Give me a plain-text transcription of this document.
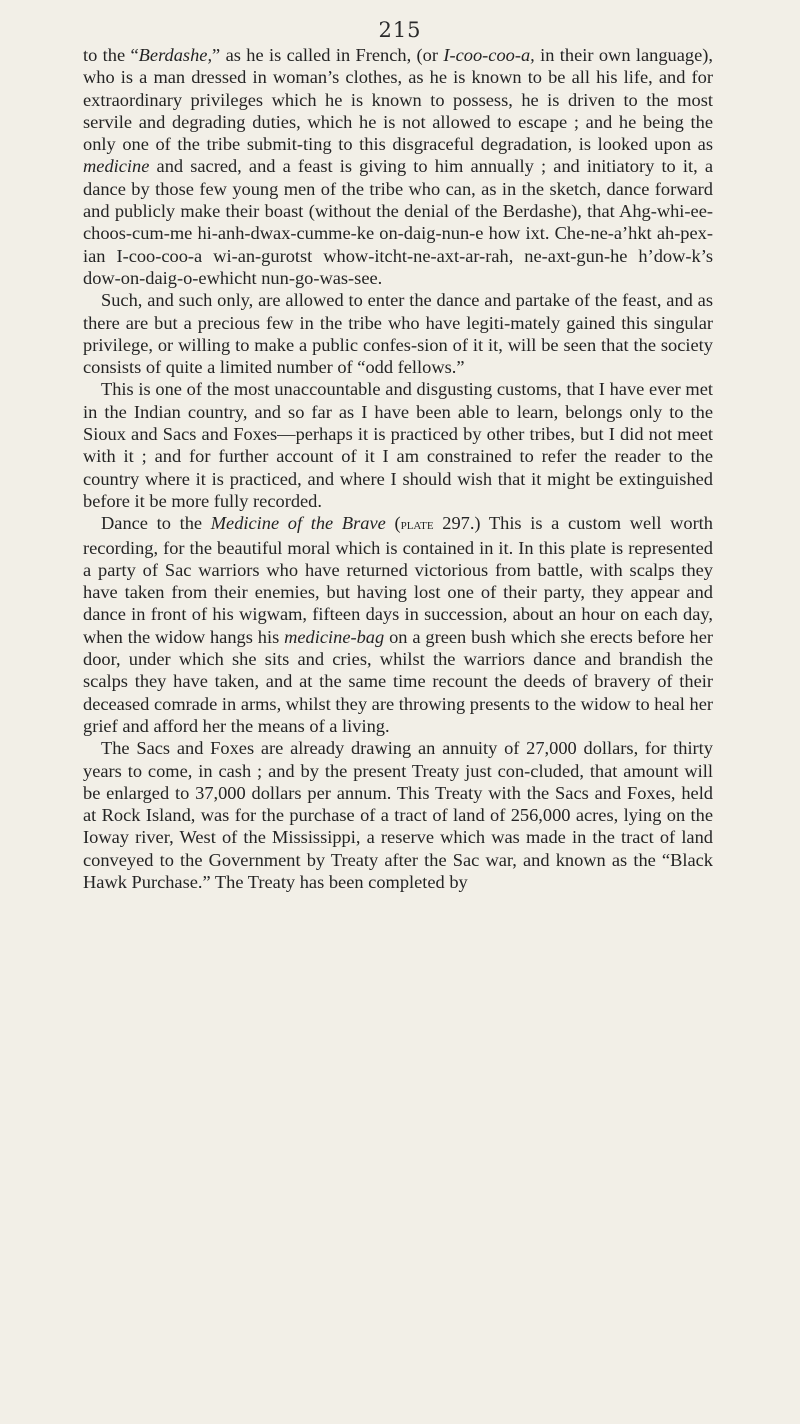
215

to the “Berdashe,” as he is called in French, (or I-coo-coo-a, in their own language), who is a man dressed in woman’s clothes, as he is known to be all his life, and for extraordinary privileges which he is known to possess, he is driven to the most servile and degrading duties, which he is not allowed to escape ; and he being the only one of the tribe submit-ting to this disgraceful degradation, is looked upon as medicine and sacred, and a feast is giving to him annually ; and initiatory to it, a dance by those few young men of the tribe who can, as in the sketch, dance forward and publicly make their boast (without the denial of the Berdashe), that Ahg-whi-ee-choos-cum-me hi-anh-dwax-cumme-ke on-daig-nun-e how ixt. Che-ne-a’hkt ah-pex-ian I-coo-coo-a wi-an-gurotst whow-itcht-ne-axt-ar-rah, ne-axt-gun-he h’dow-k’s dow-on-daig-o-ewhicht nun-go-was-see.

Such, and such only, are allowed to enter the dance and partake of the feast, and as there are but a precious few in the tribe who have legiti-mately gained this singular privilege, or willing to make a public confes-sion of it it, will be seen that the society consists of quite a limited number of “odd fellows.”

This is one of the most unaccountable and disgusting customs, that I have ever met in the Indian country, and so far as I have been able to learn, belongs only to the Sioux and Sacs and Foxes—perhaps it is practiced by other tribes, but I did not meet with it ; and for further account of it I am constrained to refer the reader to the country where it is practiced, and where I should wish that it might be extinguished before it be more fully recorded.

Dance to the Medicine of the Brave (plate 297.) This is a custom well worth recording, for the beautiful moral which is contained in it. In this plate is represented a party of Sac warriors who have returned victorious from battle, with scalps they have taken from their enemies, but having lost one of their party, they appear and dance in front of his wigwam, fifteen days in succession, about an hour on each day, when the widow hangs his medicine-bag on a green bush which she erects before her door, under which she sits and cries, whilst the warriors dance and brandish the scalps they have taken, and at the same time recount the deeds of bravery of their deceased comrade in arms, whilst they are throwing presents to the widow to heal her grief and afford her the means of a living.

The Sacs and Foxes are already drawing an annuity of 27,000 dollars, for thirty years to come, in cash ; and by the present Treaty just con-cluded, that amount will be enlarged to 37,000 dollars per annum. This Treaty with the Sacs and Foxes, held at Rock Island, was for the purchase of a tract of land of 256,000 acres, lying on the Ioway river, West of the Mississippi, a reserve which was made in the tract of land conveyed to the Government by Treaty after the Sac war, and known as the “Black Hawk Purchase.” The Treaty has been completed by
